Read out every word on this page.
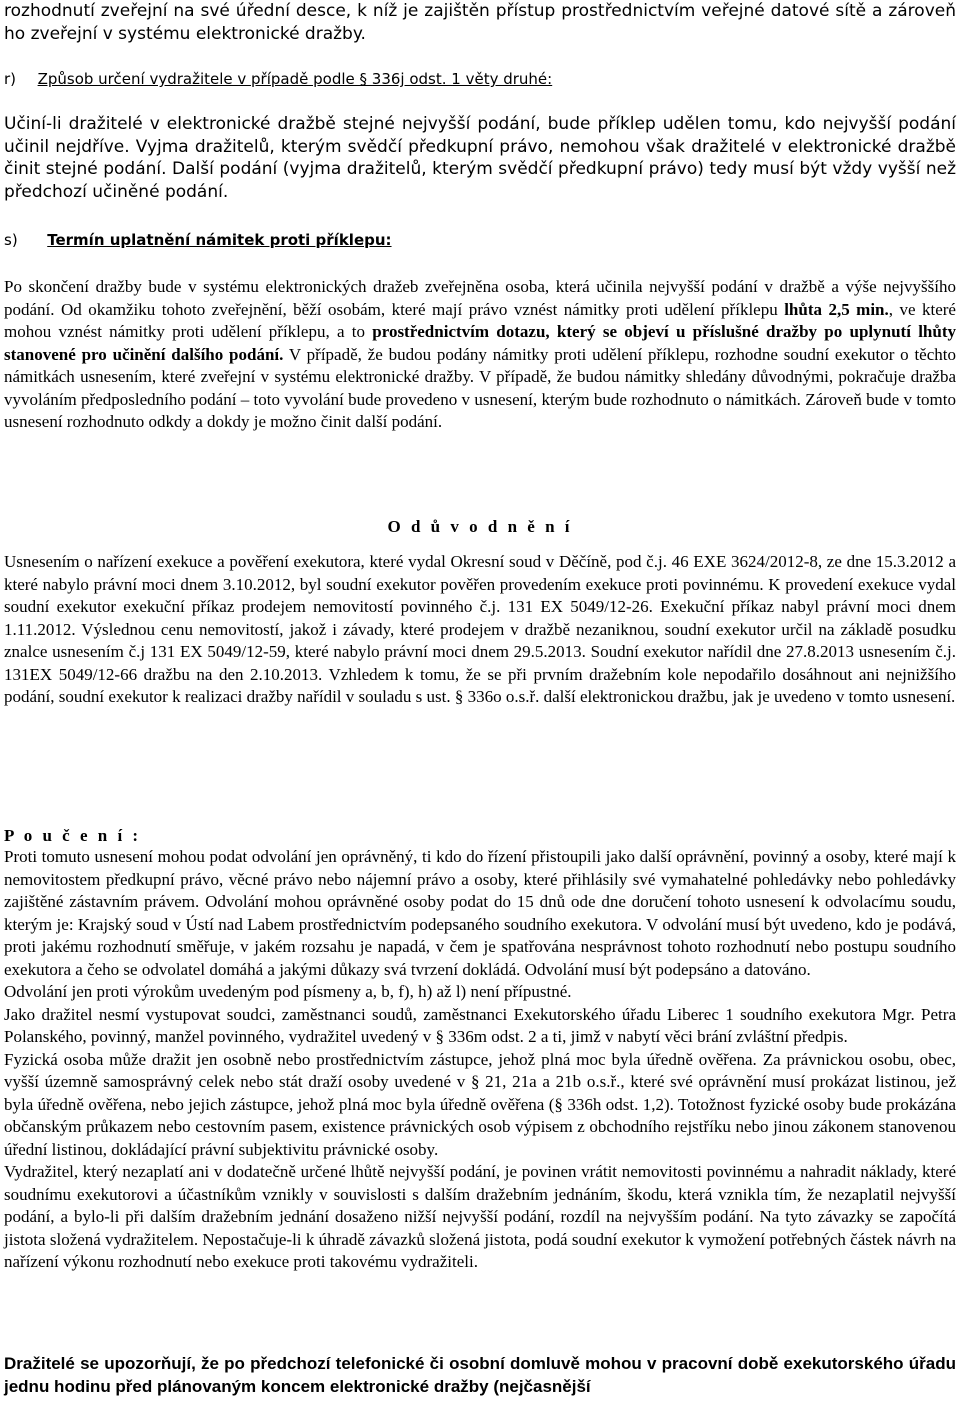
rozhodnutí zveřejní na své úřední desce, k níž je zajištěn přístup prostřednictvím veřejné datové sítě a zároveň ho zveřejní v systému elektronické dražby.

r) Způsob určení vydražitele v případě podle § 336j odst. 1 věty druhé:

Učiní-li dražitelé v elektronické dražbě stejné nejvyšší podání, bude příklep udělen tomu, kdo nejvyšší podání učinil nejdříve. Vyjma dražitelů, kterým svědčí předkupní právo, nemohou však dražitelé v elektronické dražbě činit stejné podání. Další podání (vyjma dražitelů, kterým svědčí předkupní právo) tedy musí být vždy vyšší než předchozí učiněné podání.

s) Termín uplatnění námitek proti příklepu:

Po skončení dražby bude v systému elektronických dražeb zveřejněna osoba, která učinila nejvyšší podání v dražbě a výše nejvyššího podání. Od okamžiku tohoto zveřejnění, běží osobám, které mají právo vznést námitky proti udělení příklepu lhůta 2,5 min., ve které mohou vznést námitky proti udělení příklepu, a to prostřednictvím dotazu, který se objeví u příslušné dražby po uplynutí lhůty stanovené pro učinění dalšího podání. V případě, že budou podány námitky proti udělení příklepu, rozhodne soudní exekutor o těchto námitkách usnesením, které zveřejní v systému elektronické dražby. V případě, že budou námitky shledány důvodnými, pokračuje dražba vyvoláním předposledního podání – toto vyvolání bude provedeno v usnesení, kterým bude rozhodnuto o námitkách. Zároveň bude v tomto usnesení rozhodnuto odkdy a dokdy je možno činit další podání.

O d ů v o d n ě n í

Usnesením o nařízení exekuce a pověření exekutora, které vydal Okresní soud v Děčíně, pod č.j. 46 EXE 3624/2012-8, ze dne 15.3.2012 a které nabylo právní moci dnem 3.10.2012, byl soudní exekutor pověřen provedením exekuce proti povinnému. K provedení exekuce vydal soudní exekutor exekuční příkaz prodejem nemovitostí povinného č.j. 131 EX 5049/12-26. Exekuční příkaz nabyl právní moci dnem 1.11.2012. Výslednou cenu nemovitostí, jakož i závady, které prodejem v dražbě nezaniknou, soudní exekutor určil na základě posudku znalce usnesením č.j 131 EX 5049/12-59, které nabylo právní moci dnem 29.5.2013. Soudní exekutor nařídil dne 27.8.2013 usnesením č.j. 131EX 5049/12-66 dražbu na den 2.10.2013. Vzhledem k tomu, že se při prvním dražebním kole nepodařilo dosáhnout ani nejnižšího podání, soudní exekutor k realizaci dražby nařídil v souladu s ust. § 336o o.s.ř. další elektronickou dražbu, jak je uvedeno v tomto usnesení.

P o u č e n í :

Proti tomuto usnesení mohou podat odvolání jen oprávněný, ti kdo do řízení přistoupili jako další oprávnění, povinný a osoby, které mají k nemovitostem předkupní právo, věcné právo nebo nájemní právo a osoby, které přihlásily své vymahatelné pohledávky nebo pohledávky zajištěné zástavním právem. Odvolání mohou oprávněné osoby podat do 15 dnů ode dne doručení tohoto usnesení k odvolacímu soudu, kterým je: Krajský soud v Ústí nad Labem prostřednictvím podepsaného soudního exekutora. V odvolání musí být uvedeno, kdo je podává, proti jakému rozhodnutí směřuje, v jakém rozsahu je napadá, v čem je spatřována nesprávnost tohoto rozhodnutí nebo postupu soudního exekutora a čeho se odvolatel domáhá a jakými důkazy svá tvrzení dokládá. Odvolání musí být podepsáno a datováno.

Odvolání jen proti výrokům uvedeným pod písmeny a, b, f), h) až l) není přípustné.

Jako dražitel nesmí vystupovat soudci, zaměstnanci soudů, zaměstnanci Exekutorského úřadu Liberec 1 soudního exekutora Mgr. Petra Polanského, povinný, manžel povinného, vydražitel uvedený v § 336m odst. 2 a ti, jimž v nabytí věci brání zvláštní předpis.

Fyzická osoba může dražit jen osobně nebo prostřednictvím zástupce, jehož plná moc byla úředně ověřena. Za právnickou osobu, obec, vyšší územně samosprávný celek nebo stát draží osoby uvedené v § 21, 21a a 21b o.s.ř., které své oprávnění musí prokázat listinou, jež byla úředně ověřena, nebo jejich zástupce, jehož plná moc byla úředně ověřena (§ 336h odst. 1,2). Totožnost fyzické osoby bude prokázána občanským průkazem nebo cestovním pasem, existence právnických osob výpisem z obchodního rejstříku nebo jinou zákonem stanovenou úřední listinou, dokládající právní subjektivitu právnické osoby.

Vydražitel, který nezaplatí ani v dodatečně určené lhůtě nejvyšší podání, je povinen vrátit nemovitosti povinnému a nahradit náklady, které soudnímu exekutorovi a účastníkům vznikly v souvislosti s dalším dražebním jednáním, škodu, která vznikla tím, že nezaplatil nejvyšší podání, a bylo-li při dalším dražebním jednání dosaženo nižší nejvyšší podání, rozdíl na nejvyšším podání. Na tyto závazky se započítá jistota složená vydražitelem. Nepostačuje-li k úhradě závazků složená jistota, podá soudní exekutor k vymožení potřebných částek návrh na nařízení výkonu rozhodnutí nebo exekuce proti takovému vydražiteli.

Dražitelé se upozorňují, že po předchozí telefonické či osobní domluvě mohou v pracovní době exekutorského úřadu jednu hodinu před plánovaným koncem elektronické dražby (nejčasnější
